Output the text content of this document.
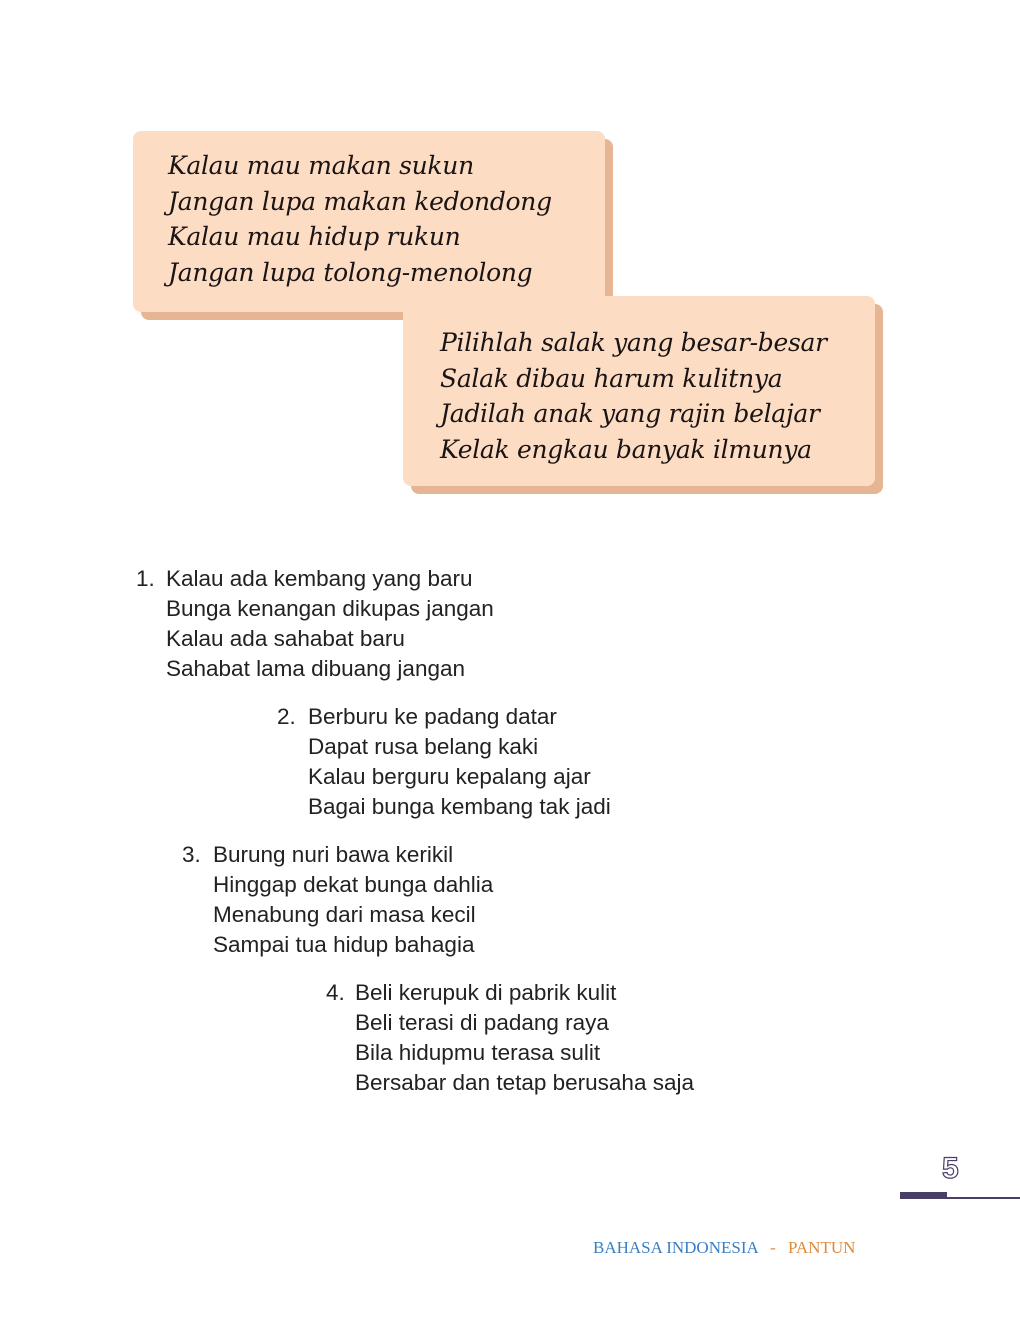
Kalau mau makan sukun
Jangan lupa makan kedondong
Kalau mau hidup rukun
Jangan lupa tolong-menolong
Pilihlah salak yang besar-besar
Salak dibau harum kulitnya
Jadilah anak yang rajin belajar
Kelak engkau banyak ilmunya
1. Kalau ada kembang yang baru
Bunga kenangan dikupas jangan
Kalau ada sahabat baru
Sahabat lama dibuang jangan
2. Berburu ke padang datar
Dapat rusa belang kaki
Kalau berguru kepalang ajar
Bagai bunga kembang tak jadi
3. Burung nuri bawa kerikil
Hinggap dekat bunga dahlia
Menabung dari masa kecil
Sampai tua hidup bahagia
4. Beli kerupuk di pabrik kulit
Beli terasi di padang raya
Bila hidupmu terasa sulit
Bersabar dan tetap berusaha saja
5
BAHASA INDONESIA - PANTUN
